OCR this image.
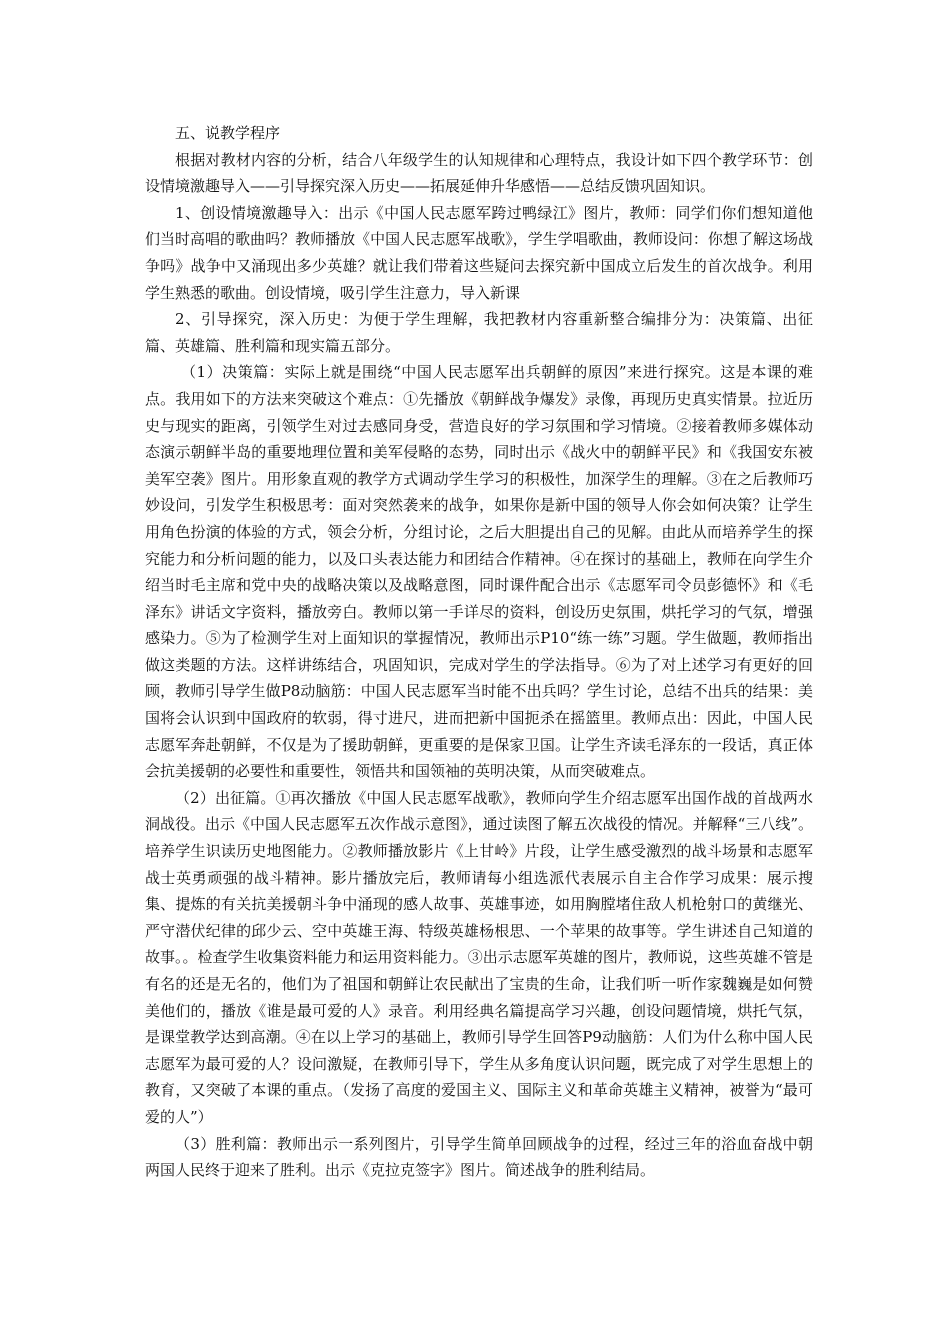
五、说教学程序

根据对教材内容的分析，结合八年级学生的认知规律和心理特点，我设计如下四个教学环节：创设情境激趣导入——引导探究深入历史——拓展延伸升华感悟——总结反馈巩固知识。

1、创设情境激趣导入：出示《中国人民志愿军跨过鸭绿江》图片，教师：同学们你们想知道他们当时高唱的歌曲吗？教师播放《中国人民志愿军战歌》，学生学唱歌曲，教师设问：你想了解这场战争吗》战争中又涌现出多少英雄？就让我们带着这些疑问去探究新中国成立后发生的首次战争。利用学生熟悉的歌曲。创设情境，吸引学生注意力，导入新课

2、引导探究，深入历史：为便于学生理解，我把教材内容重新整合编排分为：决策篇、出征篇、英雄篇、胜利篇和现实篇五部分。

（1）决策篇：实际上就是围绕“中国人民志愿军出兵朝鲜的原因”来进行探究。这是本课的难点。我用如下的方法来突破这个难点：①先播放《朝鲜战争爆发》录像，再现历史真实情景。拉近历史与现实的距离，引领学生对过去感同身受，营造良好的学习氛围和学习情境。②接着教师多媒体动态演示朝鲜半岛的重要地理位置和美军侵略的态势，同时出示《战火中的朝鲜平民》和《我国安东被美军空袭》图片。用形象直观的教学方式调动学生学习的积极性，加深学生的理解。③在之后教师巧妙设问，引发学生积极思考：面对突然袭来的战争，如果你是新中国的领导人你会如何决策？让学生用角色扮演的体验的方式，领会分析，分组讨论，之后大胆提出自己的见解。由此从而培养学生的探究能力和分析问题的能力，以及口头表达能力和团结合作精神。④在探讨的基础上，教师在向学生介绍当时毛主席和党中央的战略决策以及战略意图，同时课件配合出示《志愿军司令员彭德怀》和《毛泽东》讲话文字资料，播放旁白。教师以第一手详尽的资料，创设历史氛围，烘托学习的气氛，增强感染力。⑤为了检测学生对上面知识的掌握情况，教师出示P10“练一练”习题。学生做题，教师指出做这类题的方法。这样讲练结合，巩固知识，完成对学生的学法指导。⑥为了对上述学习有更好的回顾，教师引导学生做P8动脑筋：中国人民志愿军当时能不出兵吗？学生讨论，总结不出兵的结果：美国将会认识到中国政府的软弱，得寸进尺，进而把新中国扼杀在摇篮里。教师点出：因此，中国人民志愿军奔赴朝鲜，不仅是为了援助朝鲜，更重要的是保家卫国。让学生齐读毛泽东的一段话，真正体会抗美援朝的必要性和重要性，领悟共和国领袖的英明决策，从而突破难点。

（2）出征篇。①再次播放《中国人民志愿军战歌》，教师向学生介绍志愿军出国作战的首战两水洞战役。出示《中国人民志愿军五次作战示意图》，通过读图了解五次战役的情况。并解释“三八线”。培养学生识读历史地图能力。②教师播放影片《上甘岭》片段，让学生感受激烈的战斗场景和志愿军战士英勇顽强的战斗精神。影片播放完后，教师请每小组选派代表展示自主合作学习成果：展示搜集、提炼的有关抗美援朝斗争中涌现的感人故事、英雄事迹，如用胸膛堵住敌人机枪射口的黄继光、严守潜伏纪律的邱少云、空中英雄王海、特级英雄杨根思、一个苹果的故事等。学生讲述自己知道的故事。。检查学生收集资料能力和运用资料能力。③出示志愿军英雄的图片，教师说，这些英雄不管是有名的还是无名的，他们为了祖国和朝鲜让农民献出了宝贵的生命，让我们听一听作家魏巍是如何赞美他们的，播放《谁是最可爱的人》录音。利用经典名篇提高学习兴趣，创设问题情境，烘托气氛，是课堂教学达到高潮。④在以上学习的基础上，教师引导学生回答P9动脑筋：人们为什么称中国人民志愿军为最可爱的人？设问激疑，在教师引导下，学生从多角度认识问题，既完成了对学生思想上的教育，又突破了本课的重点。（发扬了高度的爱国主义、国际主义和革命英雄主义精神，被誉为“最可爱的人”）

（3）胜利篇：教师出示一系列图片，引导学生简单回顾战争的过程，经过三年的浴血奋战中朝两国人民终于迎来了胜利。出示《克拉克签字》图片。简述战争的胜利结局。
